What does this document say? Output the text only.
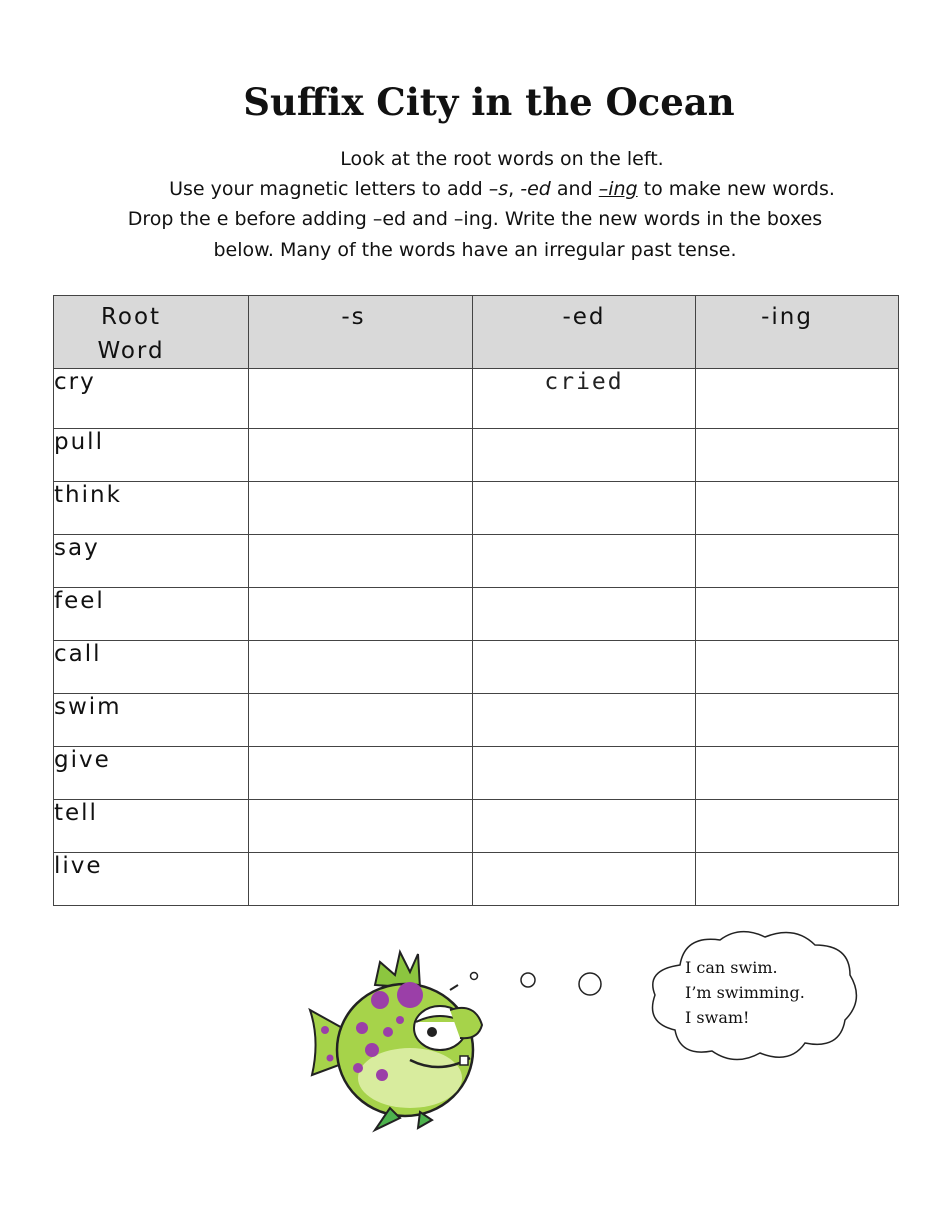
Suffix City in the Ocean
Look at the root words on the left.
Use your magnetic letters to add –s, -ed and –ing to make new words.
Drop the e before adding –ed and –ing. Write the new words in the boxes
below. Many of the words have an irregular past tense.
Root Word	-s	-ed	-ing
cry		cried	
pull			
think			
say			
feel			
call			
swim			
give			
tell			
live			
I can swim.
I’m swimming.
I swam!
